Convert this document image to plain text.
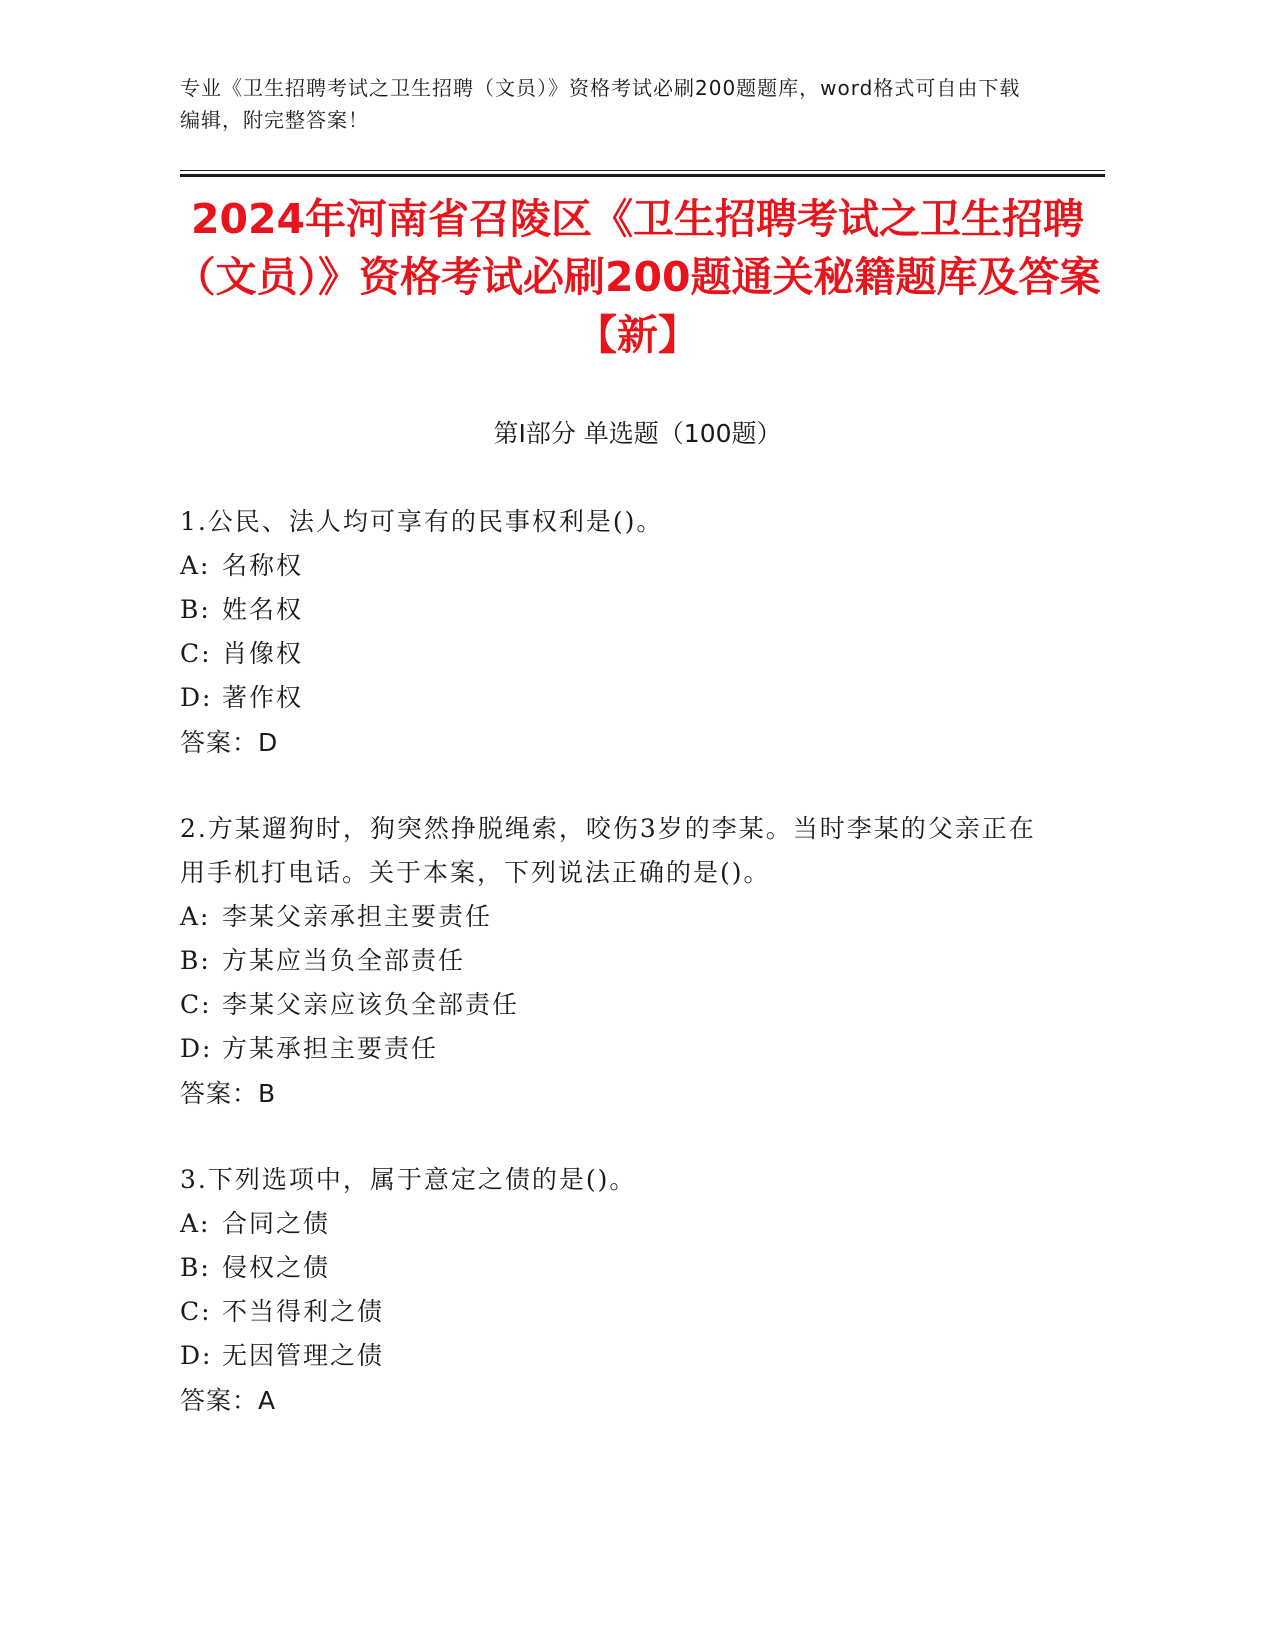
专业《卫生招聘考试之卫生招聘（文员）》资格考试必刷200题题库，word格式可自由下载编辑，附完整答案！
2024年河南省召陵区《卫生招聘考试之卫生招聘（文员）》资格考试必刷200题通关秘籍题库及答案【新】
第Ⅰ部分 单选题（100题）
1.公民、法人均可享有的民事权利是()。
A: 名称权
B: 姓名权
C: 肖像权
D: 著作权
答案：D
2.方某遛狗时，狗突然挣脱绳索，咬伤3岁的李某。当时李某的父亲正在用手机打电话。关于本案，下列说法正确的是()。
A: 李某父亲承担主要责任
B: 方某应当负全部责任
C: 李某父亲应该负全部责任
D: 方某承担主要责任
答案：B
3.下列选项中，属于意定之债的是()。
A: 合同之债
B: 侵权之债
C: 不当得利之债
D: 无因管理之债
答案：A
